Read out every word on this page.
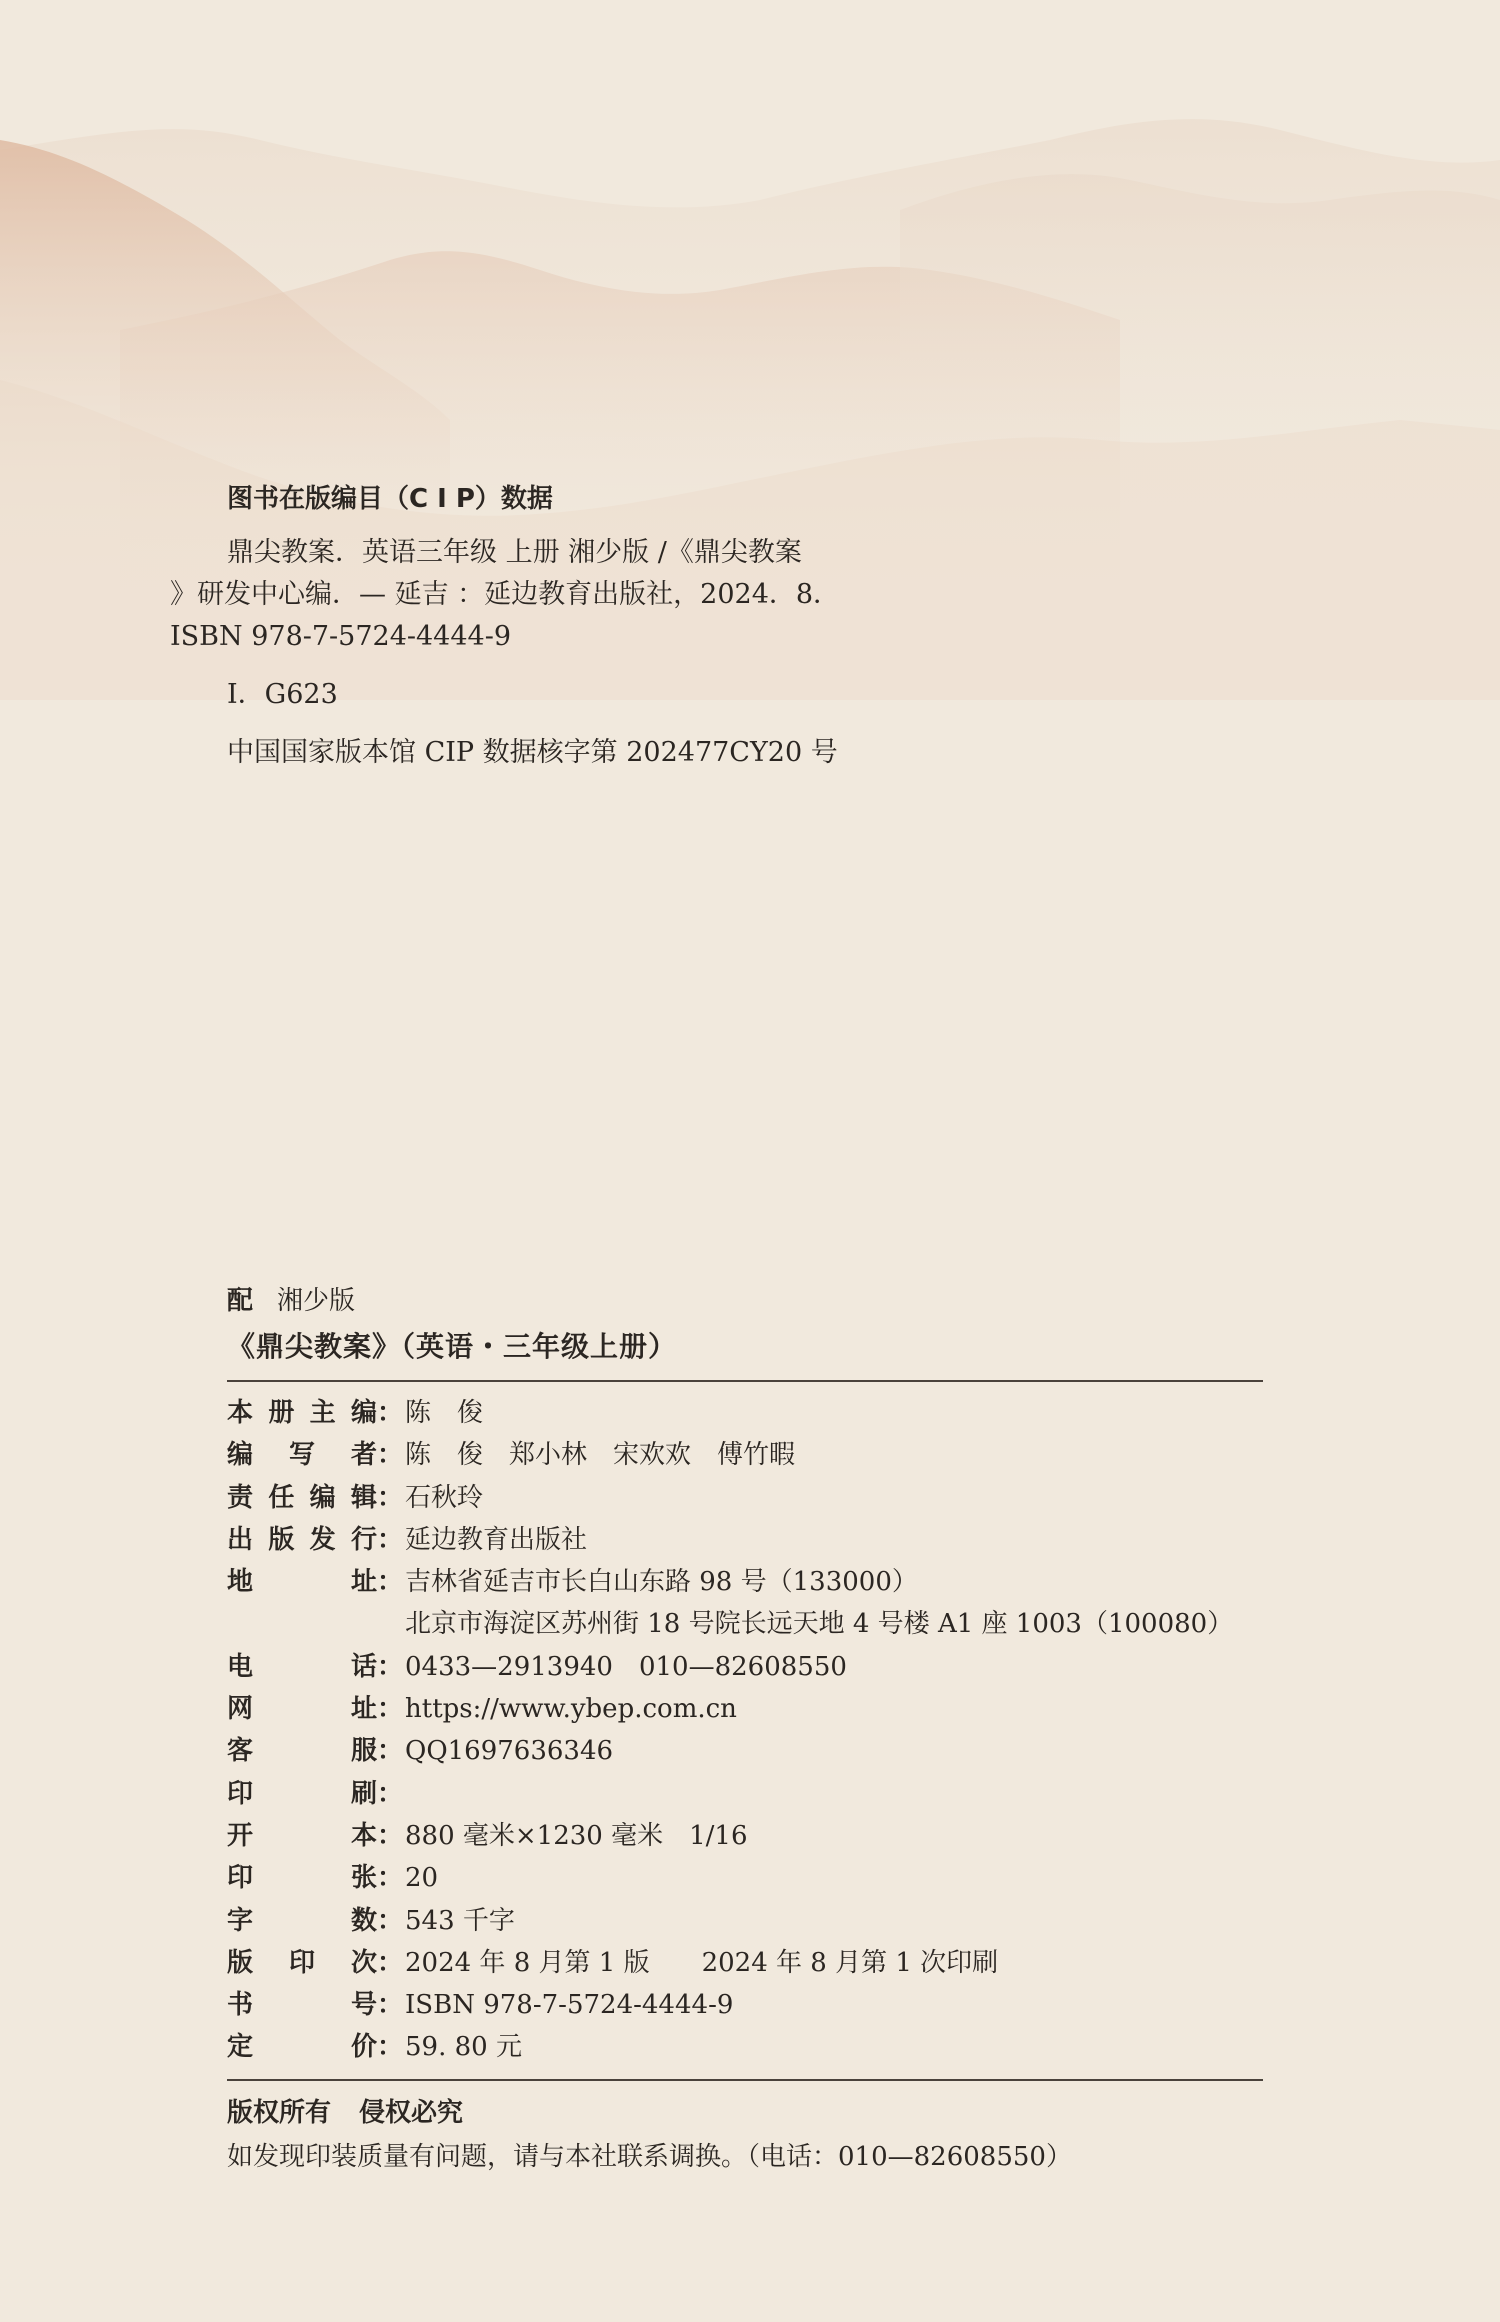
图书在版编目（C I P）数据
鼎尖教案．英语三年级 上册 湘少版 /《鼎尖教案
》研发中心编．— 延吉 ：延边教育出版社，2024．8．
ISBN 978-7-5724-4444-9
Ⅰ．G623
中国国家版本馆 CIP 数据核字第 202477CY20 号
配 湘少版
《鼎尖教案》（英语・三年级上册）
本 册 主 编 ： 陈　俊
编 写 者 ： 陈　俊　郑小林　宋欢欢　傅竹暇
责 任 编 辑 ： 石秋玲
出 版 发 行 ： 延边教育出版社
地	址 ： 吉林省延吉市长白山东路 98 号（133000）
北京市海淀区苏州街 18 号院长远天地 4 号楼 A1 座 1003（100080）
电	话 ： 0433—2913940　010—82608550
网	址 ： https://www.ybep.com.cn
客	服 ： QQ1697636346
印	刷 ：
开	本 ： 880 毫米×1230 毫米　1/16
印	张 ： 20
字	数 ： 543 千字
版 印 次 ： 2024 年 8 月第 1 版　　2024 年 8 月第 1 次印刷
书	号 ： ISBN 978-7-5724-4444-9
定	价 ： 59. 80 元
版权所有 侵权必究
如发现印装质量有问题，请与本社联系调换。（电话：010—82608550）
